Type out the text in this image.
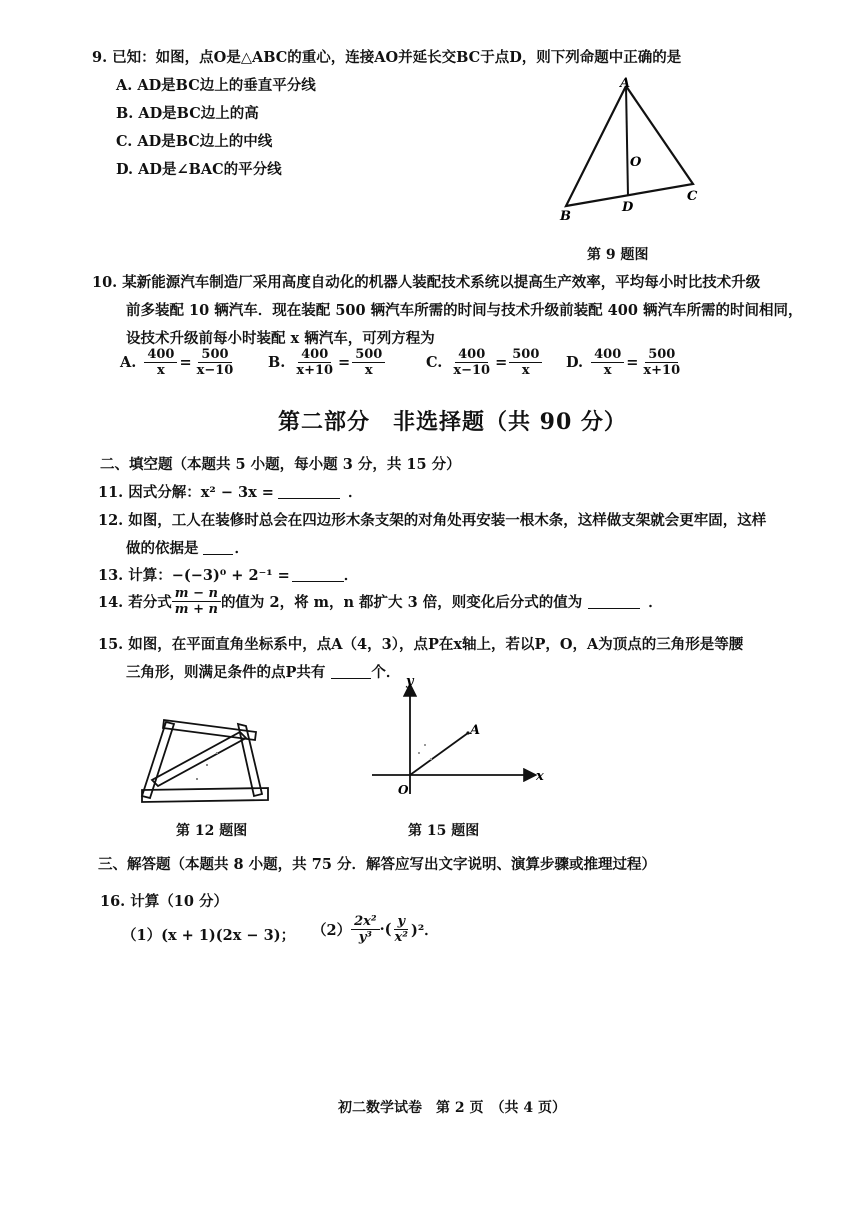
9. 已知：如图，点O是△ABC的重心，连接AO并延长交BC于点D，则下列命题中正确的是
A. AD是BC边上的垂直平分线
B. AD是BC边上的高
C. AD是BC边上的中线
D. AD是∠BAC的平分线
A
B
C
D
O
第 9 题图
10. 某新能源汽车制造厂采用高度自动化的机器人装配技术系统以提高生产效率，平均每小时比技术升级
前多装配 10 辆汽车．现在装配 500 辆汽车所需的时间与技术升级前装配 400 辆汽车所需的时间相同，
设技术升级前每小时装配 x 辆汽车，可列方程为
A. $\frac{400}{x} = \frac{500}{x-10} B$. $\frac{400}{x+10} = \frac{500}{x}$	C. $\frac{400}{x-10} = \frac{500}{x} D$. $\frac{400}{x} = \frac{500}{x+10}$
第二部分　非选择题（共 90 分）
二、填空题（本题共 5 小题，每小题 3 分，共 15 分）
11. 因式分解：x² − 3x =	．
12. 如图，工人在装修时总会在四边形木条支架的对角处再安装一根木条，这样做支架就会更牢固，这样
做的依据是 ．
13. 计算：−(−3)⁰ + 2⁻¹ =	．
14. 若分式 $\frac{m - n}{m + n}$ 的值为 2，将 m，n 都扩大 3 倍，则变化后分式的值为	．
15. 如图，在平面直角坐标系中，点A（4，3），点P在x轴上，若以P，O，A为顶点的三角形是等腰
三角形，则满足条件的点P共有	个．
第 12 题图
y
x
O
A
第 15 题图
三、解答题（本题共 8 小题，共 75 分．解答应写出文字说明、演算步骤或推理过程）
16. 计算（10 分）
（1）(x + 1)(2x − 3)； $(2) \frac{\text{2x²}}{\text{y³}}$ ·( $\frac{y}{\text{x²}} )^2$．
初二数学试卷　第 2 页　（共 4 页）
